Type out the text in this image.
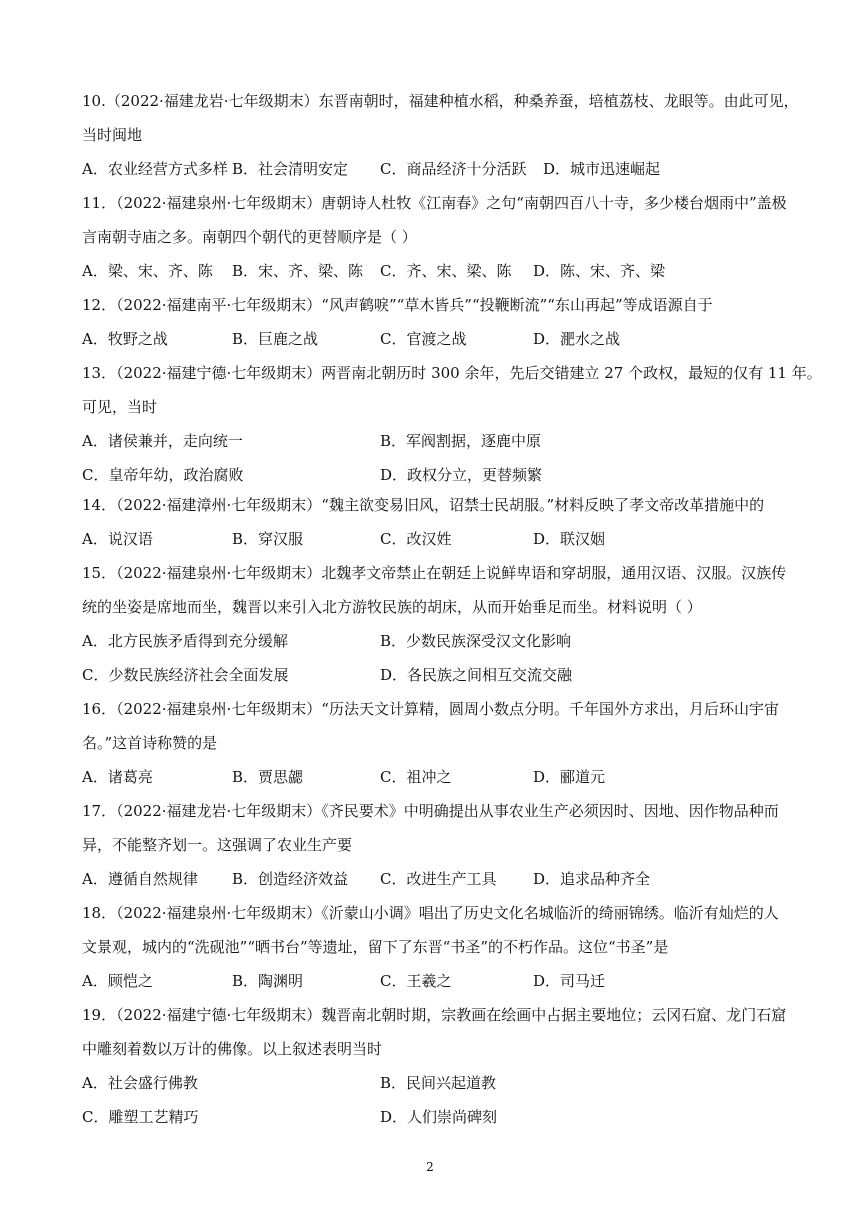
10.（2022·福建龙岩·七年级期末）东晋南朝时，福建种植水稻，种桑养蚕，培植荔枝、龙眼等。由此可见，
当时闽地
A．农业经营方式多样 B．社会清明安定 C．商品经济十分活跃 D．城市迅速崛起
11．（2022·福建泉州·七年级期末）唐朝诗人杜牧《江南春》之句“南朝四百八十寺，多少楼台烟雨中”盖极
言南朝寺庙之多。南朝四个朝代的更替顺序是（ ）
A．梁、宋、齐、陈 B．宋、齐、梁、陈 C．齐、宋、梁、陈 D．陈、宋、齐、梁
12．（2022·福建南平·七年级期末）“风声鹤唳”“草木皆兵”“投鞭断流”“东山再起”等成语源自于
A．牧野之战	B．巨鹿之战	C．官渡之战	D．淝水之战
13．（2022·福建宁德·七年级期末）两晋南北朝历时 300 余年，先后交错建立 27 个政权，最短的仅有 11 年。
可见，当时
A．诸侯兼并，走向统一	B．军阀割据，逐鹿中原
C．皇帝年幼，政治腐败	D．政权分立，更替频繁
14．（2022·福建漳州·七年级期末）“魏主欲变易旧风，诏禁士民胡服。”材料反映了孝文帝改革措施中的
A．说汉语	B．穿汉服	C．改汉姓	D．联汉姻
15．（2022·福建泉州·七年级期末）北魏孝文帝禁止在朝廷上说鲜卑语和穿胡服，通用汉语、汉服。汉族传
统的坐姿是席地而坐，魏晋以来引入北方游牧民族的胡床，从而开始垂足而坐。材料说明（ ）
A．北方民族矛盾得到充分缓解	B．少数民族深受汉文化影响
C．少数民族经济社会全面发展	D．各民族之间相互交流交融
16．（2022·福建泉州·七年级期末）“历法天文计算精，圆周小数点分明。千年国外方求出，月后环山宇宙
名。”这首诗称赞的是
A．诸葛亮	B．贾思勰	C．祖冲之	D．郦道元
17．（2022·福建龙岩·七年级期末）《齐民要术》中明确提出从事农业生产必须因时、因地、因作物品种而
异，不能整齐划一。这强调了农业生产要
A．遵循自然规律 B．创造经济效益 C．改进生产工具 D．追求品种齐全
18．（2022·福建泉州·七年级期末）《沂蒙山小调》唱出了历史文化名城临沂的绮丽锦绣。临沂有灿烂的人
文景观，城内的“洗砚池”“晒书台”等遗址，留下了东晋“书圣”的不朽作品。这位“书圣”是
A．顾恺之	B．陶渊明	C．王羲之	D．司马迁
19．（2022·福建宁德·七年级期末）魏晋南北朝时期，宗教画在绘画中占据主要地位；云冈石窟、龙门石窟
中雕刻着数以万计的佛像。以上叙述表明当时
A．社会盛行佛教	B．民间兴起道教
C．雕塑工艺精巧	D．人们崇尚碑刻
2
